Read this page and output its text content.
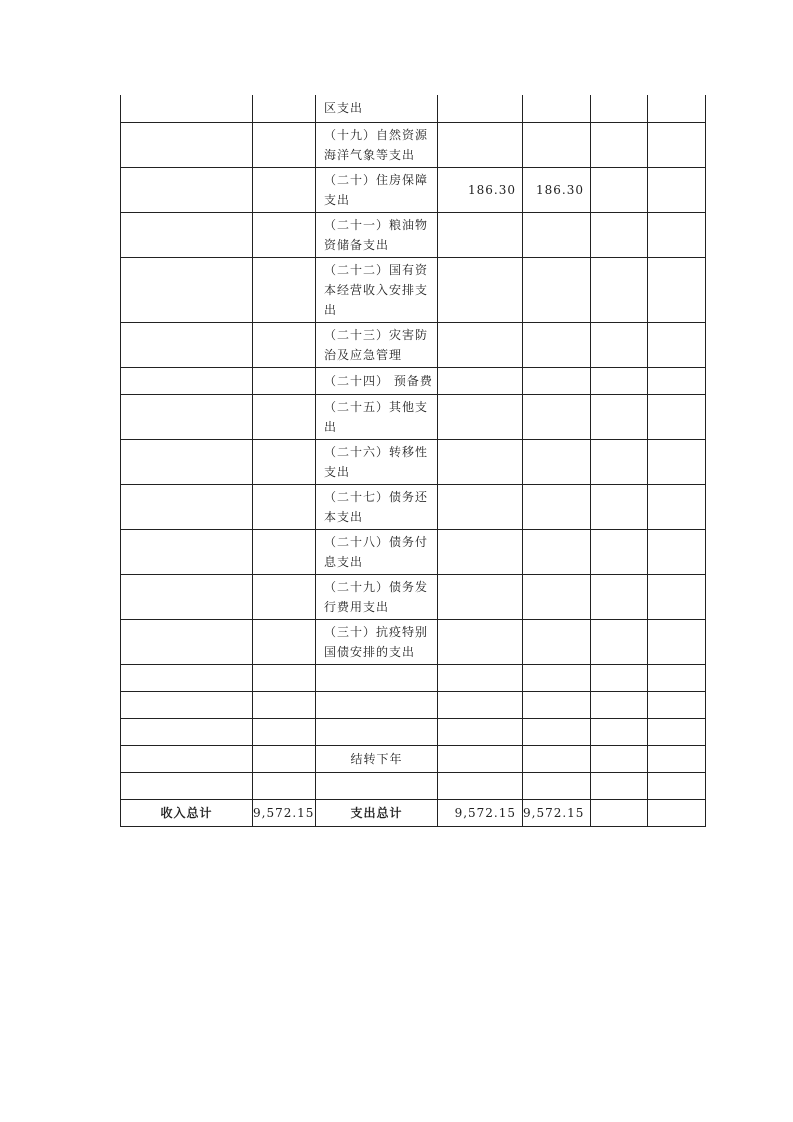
		区支出				
		（十九）自然资源海洋气象等支出				
		（二十）住房保障支出	186.30	186.30		
		（二十一）粮油物资储备支出				
		（二十二）国有资本经营收入安排支出				
		（二十三）灾害防治及应急管理				
		（二十四） 预备费				
		（二十五）其他支出				
		（二十六）转移性支出				
		（二十七）债务还本支出				
		（二十八）债务付息支出				
		（二十九）债务发行费用支出				
		（三十）抗疫特别国债安排的支出				

		结转下年				

收入总计	9,572.15	支出总计	9,572.15	9,572.15		
